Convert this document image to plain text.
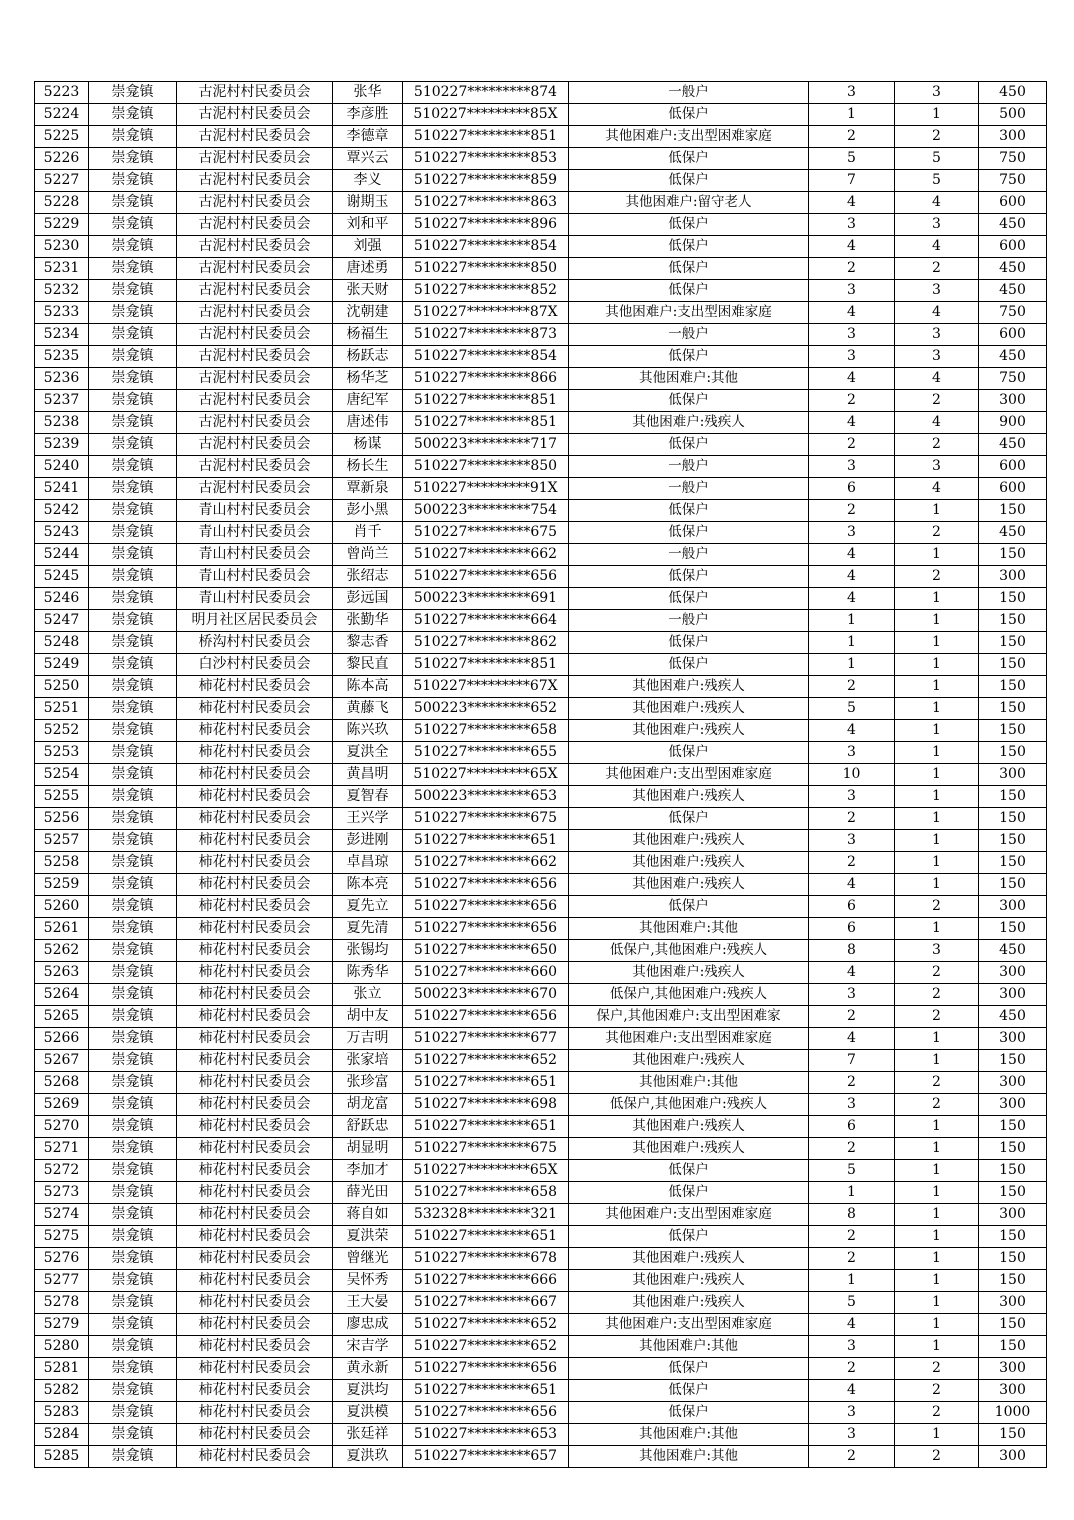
5223	崇龛镇	古泥村村民委员会	张华	510227*********874	一般户	3	3	450
5224	崇龛镇	古泥村村民委员会	李彦胜	510227*********85X	低保户	1	1	500
5225	崇龛镇	古泥村村民委员会	李德章	510227*********851	其他困难户:支出型困难家庭	2	2	300
5226	崇龛镇	古泥村村民委员会	覃兴云	510227*********853	低保户	5	5	750
5227	崇龛镇	古泥村村民委员会	李义	510227*********859	低保户	7	5	750
5228	崇龛镇	古泥村村民委员会	谢期玉	510227*********863	其他困难户:留守老人	4	4	600
5229	崇龛镇	古泥村村民委员会	刘和平	510227*********896	低保户	3	3	450
5230	崇龛镇	古泥村村民委员会	刘强	510227*********854	低保户	4	4	600
5231	崇龛镇	古泥村村民委员会	唐述勇	510227*********850	低保户	2	2	450
5232	崇龛镇	古泥村村民委员会	张天财	510227*********852	低保户	3	3	450
5233	崇龛镇	古泥村村民委员会	沈朝建	510227*********87X	其他困难户:支出型困难家庭	4	4	750
5234	崇龛镇	古泥村村民委员会	杨福生	510227*********873	一般户	3	3	600
5235	崇龛镇	古泥村村民委员会	杨跃志	510227*********854	低保户	3	3	450
5236	崇龛镇	古泥村村民委员会	杨华芝	510227*********866	其他困难户:其他	4	4	750
5237	崇龛镇	古泥村村民委员会	唐纪军	510227*********851	低保户	2	2	300
5238	崇龛镇	古泥村村民委员会	唐述伟	510227*********851	其他困难户:残疾人	4	4	900
5239	崇龛镇	古泥村村民委员会	杨谋	500223*********717	低保户	2	2	450
5240	崇龛镇	古泥村村民委员会	杨长生	510227*********850	一般户	3	3	600
5241	崇龛镇	古泥村村民委员会	覃新泉	510227*********91X	一般户	6	4	600
5242	崇龛镇	青山村村民委员会	彭小黑	500223*********754	低保户	2	1	150
5243	崇龛镇	青山村村民委员会	肖千	510227*********675	低保户	3	2	450
5244	崇龛镇	青山村村民委员会	曾尚兰	510227*********662	一般户	4	1	150
5245	崇龛镇	青山村村民委员会	张绍志	510227*********656	低保户	4	2	300
5246	崇龛镇	青山村村民委员会	彭远国	500223*********691	低保户	4	1	150
5247	崇龛镇	明月社区居民委员会	张勤华	510227*********664	一般户	1	1	150
5248	崇龛镇	桥沟村村民委员会	黎志香	510227*********862	低保户	1	1	150
5249	崇龛镇	白沙村村民委员会	黎民直	510227*********851	低保户	1	1	150
5250	崇龛镇	柿花村村民委员会	陈本高	510227*********67X	其他困难户:残疾人	2	1	150
5251	崇龛镇	柿花村村民委员会	黄藤飞	500223*********652	其他困难户:残疾人	5	1	150
5252	崇龛镇	柿花村村民委员会	陈兴玖	510227*********658	其他困难户:残疾人	4	1	150
5253	崇龛镇	柿花村村民委员会	夏洪全	510227*********655	低保户	3	1	150
5254	崇龛镇	柿花村村民委员会	黄昌明	510227*********65X	其他困难户:支出型困难家庭	10	1	300
5255	崇龛镇	柿花村村民委员会	夏智春	500223*********653	其他困难户:残疾人	3	1	150
5256	崇龛镇	柿花村村民委员会	王兴学	510227*********675	低保户	2	1	150
5257	崇龛镇	柿花村村民委员会	彭进刚	510227*********651	其他困难户:残疾人	3	1	150
5258	崇龛镇	柿花村村民委员会	卓昌琼	510227*********662	其他困难户:残疾人	2	1	150
5259	崇龛镇	柿花村村民委员会	陈本亮	510227*********656	其他困难户:残疾人	4	1	150
5260	崇龛镇	柿花村村民委员会	夏先立	510227*********656	低保户	6	2	300
5261	崇龛镇	柿花村村民委员会	夏先清	510227*********656	其他困难户:其他	6	1	150
5262	崇龛镇	柿花村村民委员会	张锡均	510227*********650	低保户,其他困难户:残疾人	8	3	450
5263	崇龛镇	柿花村村民委员会	陈秀华	510227*********660	其他困难户:残疾人	4	2	300
5264	崇龛镇	柿花村村民委员会	张立	500223*********670	低保户,其他困难户:残疾人	3	2	300
5265	崇龛镇	柿花村村民委员会	胡中友	510227*********656	保户,其他困难户:支出型困难家	2	2	450
5266	崇龛镇	柿花村村民委员会	万吉明	510227*********677	其他困难户:支出型困难家庭	4	1	300
5267	崇龛镇	柿花村村民委员会	张家培	510227*********652	其他困难户:残疾人	7	1	150
5268	崇龛镇	柿花村村民委员会	张珍富	510227*********651	其他困难户:其他	2	2	300
5269	崇龛镇	柿花村村民委员会	胡龙富	510227*********698	低保户,其他困难户:残疾人	3	2	300
5270	崇龛镇	柿花村村民委员会	舒跃忠	510227*********651	其他困难户:残疾人	6	1	150
5271	崇龛镇	柿花村村民委员会	胡显明	510227*********675	其他困难户:残疾人	2	1	150
5272	崇龛镇	柿花村村民委员会	李加才	510227*********65X	低保户	5	1	150
5273	崇龛镇	柿花村村民委员会	薛光田	510227*********658	低保户	1	1	150
5274	崇龛镇	柿花村村民委员会	蒋自如	532328*********321	其他困难户:支出型困难家庭	8	1	300
5275	崇龛镇	柿花村村民委员会	夏洪荣	510227*********651	低保户	2	1	150
5276	崇龛镇	柿花村村民委员会	曾继光	510227*********678	其他困难户:残疾人	2	1	150
5277	崇龛镇	柿花村村民委员会	吴怀秀	510227*********666	其他困难户:残疾人	1	1	150
5278	崇龛镇	柿花村村民委员会	王大晏	510227*********667	其他困难户:残疾人	5	1	300
5279	崇龛镇	柿花村村民委员会	廖忠成	510227*********652	其他困难户:支出型困难家庭	4	1	150
5280	崇龛镇	柿花村村民委员会	宋吉学	510227*********652	其他困难户:其他	3	1	150
5281	崇龛镇	柿花村村民委员会	黄永新	510227*********656	低保户	2	2	300
5282	崇龛镇	柿花村村民委员会	夏洪均	510227*********651	低保户	4	2	300
5283	崇龛镇	柿花村村民委员会	夏洪模	510227*********656	低保户	3	2	1000
5284	崇龛镇	柿花村村民委员会	张廷祥	510227*********653	其他困难户:其他	3	1	150
5285	崇龛镇	柿花村村民委员会	夏洪玖	510227*********657	其他困难户:其他	2	2	300
